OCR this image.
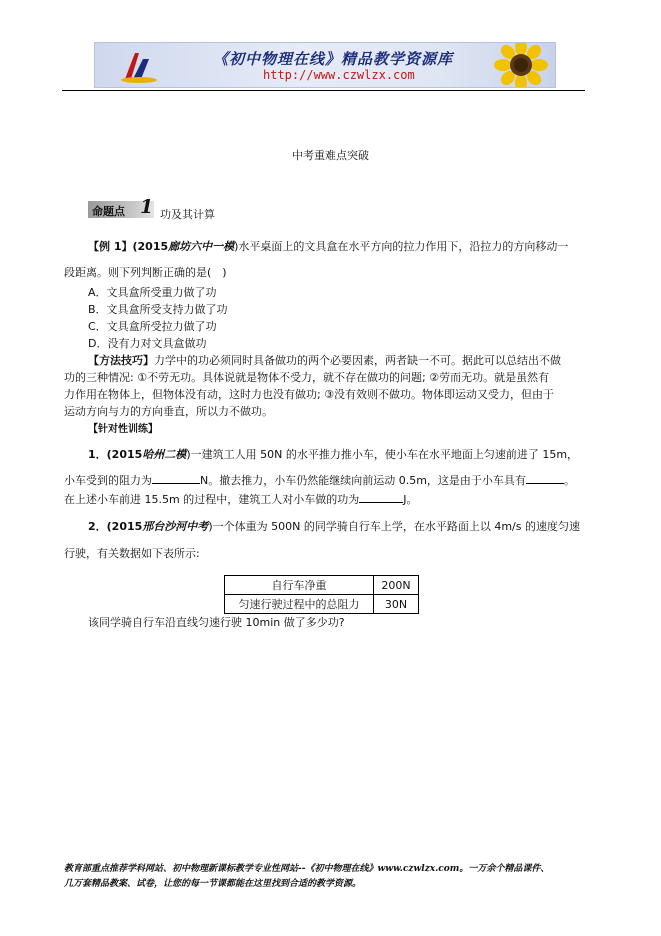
《初中物理在线》精品教学资源库
http://www.czwlzx.com
中考重难点突破
命题点 1 功及其计算
【例 1】(2015廊坊六中一模)水平桌面上的文具盒在水平方向的拉力作用下，沿拉力的方向移动一
段距离。则下列判断正确的是(　)
A．文具盒所受重力做了功
B．文具盒所受支持力做了功
C．文具盒所受拉力做了功
D．没有力对文具盒做功
【方法技巧】力学中的功必须同时具备做功的两个必要因素，两者缺一不可。据此可以总结出不做
功的三种情况: ①不劳无功。具体说就是物体不受力，就不存在做功的问题; ②劳而无功。就是虽然有
力作用在物体上，但物体没有动，这时力也没有做功; ③没有效则不做功。物体即运动又受力，但由于
运动方向与力的方向垂直，所以力不做功。
【针对性训练】
1．(2015哈州二模)一建筑工人用 50N 的水平推力推小车，使小车在水平地面上匀速前进了 15m，
小车受到的阻力为	N。撤去推力，小车仍然能继续向前运动 0.5m，这是由于小车具有	。
在上述小车前进 15.5m 的过程中，建筑工人对小车做的功为	J。
2．(2015邢台沙河中考)一个体重为 500N 的同学骑自行车上学，在水平路面上以 4m/s 的速度匀速
行驶，有关数据如下表所示:
自行车净重	200N
匀速行驶过程中的总阻力	30N
该同学骑自行车沿直线匀速行驶 10min 做了多少功?
教育部重点推荐学科网站、初中物理新课标教学专业性网站--《初中物理在线》www.czwlzx.com。一万余个精品课件、
几万套精品教案、试卷，让您的每一节课都能在这里找到合适的教学资源。
